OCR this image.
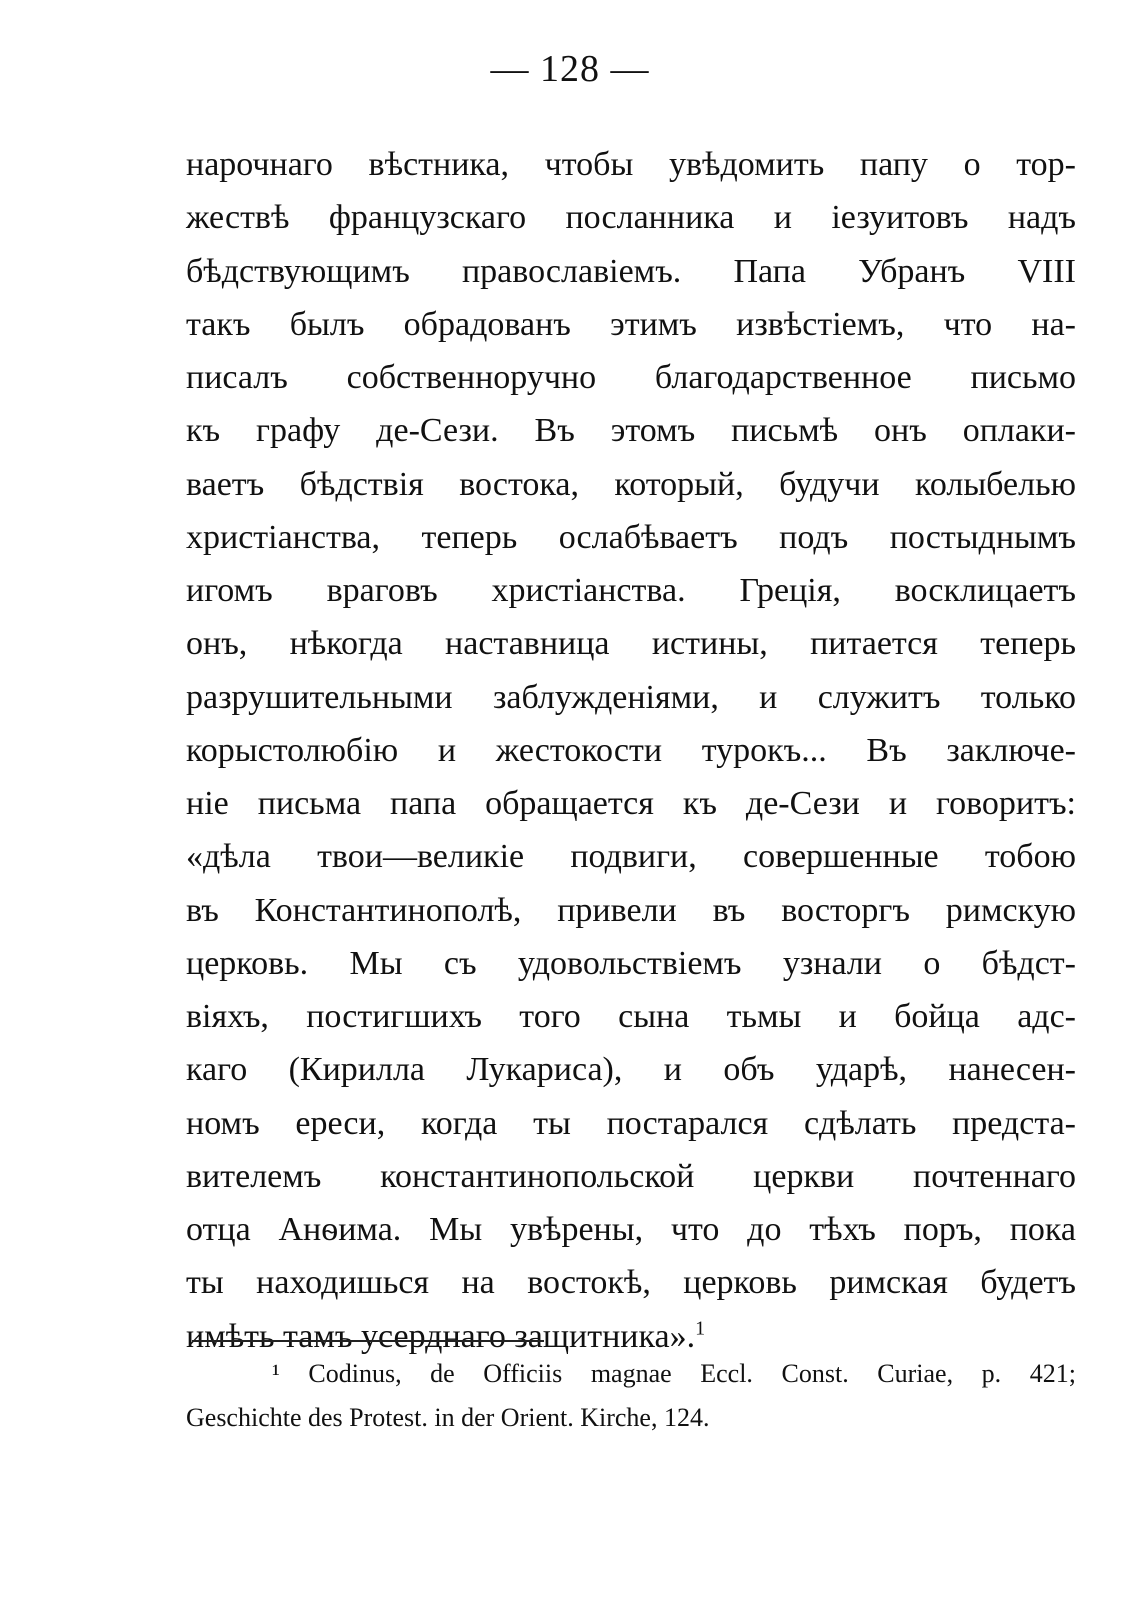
— 128 —
нарочнаго вѣстника, чтобы увѣдомить папу о тор-
жествѣ французскаго посланника и іезуитовъ надъ
бѣдствующимъ православіемъ. Папа Убранъ VIII
такъ былъ обрадованъ этимъ извѣстіемъ, что на-
писалъ собственноручно благодарственное письмо
къ графу де-Сези. Въ этомъ письмѣ онъ оплаки-
ваетъ бѣдствія востока, который, будучи колыбелью
христіанства, теперь ослабѣваетъ подъ постыднымъ
игомъ враговъ христіанства. Греція, восклицаетъ
онъ, нѣкогда наставница истины, питается теперь
разрушительными заблужденіями, и служитъ только
корыстолюбію и жестокости турокъ... Въ заключе-
ніе письма папа обращается къ де-Сези и говоритъ:
«дѣла твои—великіе подвиги, совершенные тобою
въ Константинополѣ, привели въ восторгъ римскую
церковь. Мы съ удовольствіемъ узнали о бѣдст-
віяхъ, постигшихъ того сына тьмы и бойца адс-
каго (Кирилла Лукариса), и объ ударѣ, нанесен-
номъ ереси, когда ты постарался сдѣлать предста-
вителемъ константинопольской церкви почтеннаго
отца Анѳима. Мы увѣрены, что до тѣхъ поръ, пока
ты находишься на востокѣ, церковь римская будетъ
имѣть тамъ усерднаго защитника».$^1$
¹ Codinus, de Officiis magnae Eccl. Const. Curiae, p. 421;
Geschichte des Protest. in der Orient. Kirche, 124.
